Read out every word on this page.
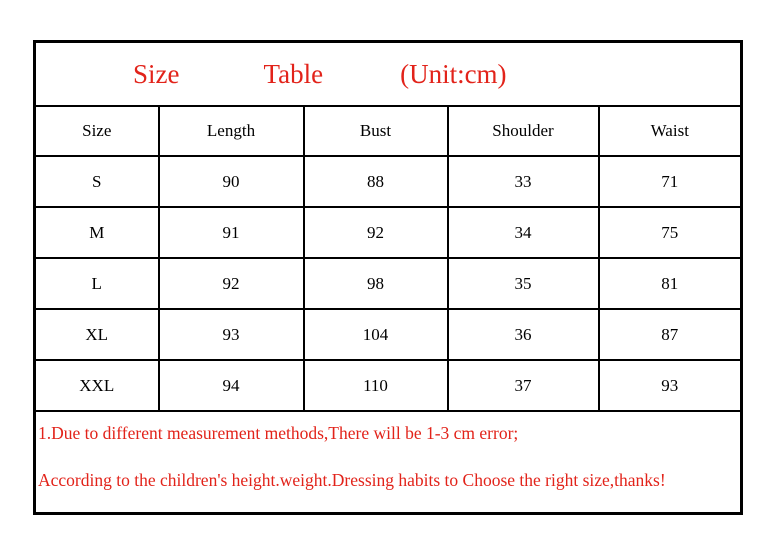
Size Table (Unit:cm)				
Size	Length	Bust	Shoulder	Waist
S	90	88	33	71
M	91	92	34	75
L	92	98	35	81
XL	93	104	36	87
XXL	94	110	37	93

1.Due to different measurement methods,There will be 1-3 cm error;
According to the children's height.weight.Dressing habits to Choose the right size,thanks!				
